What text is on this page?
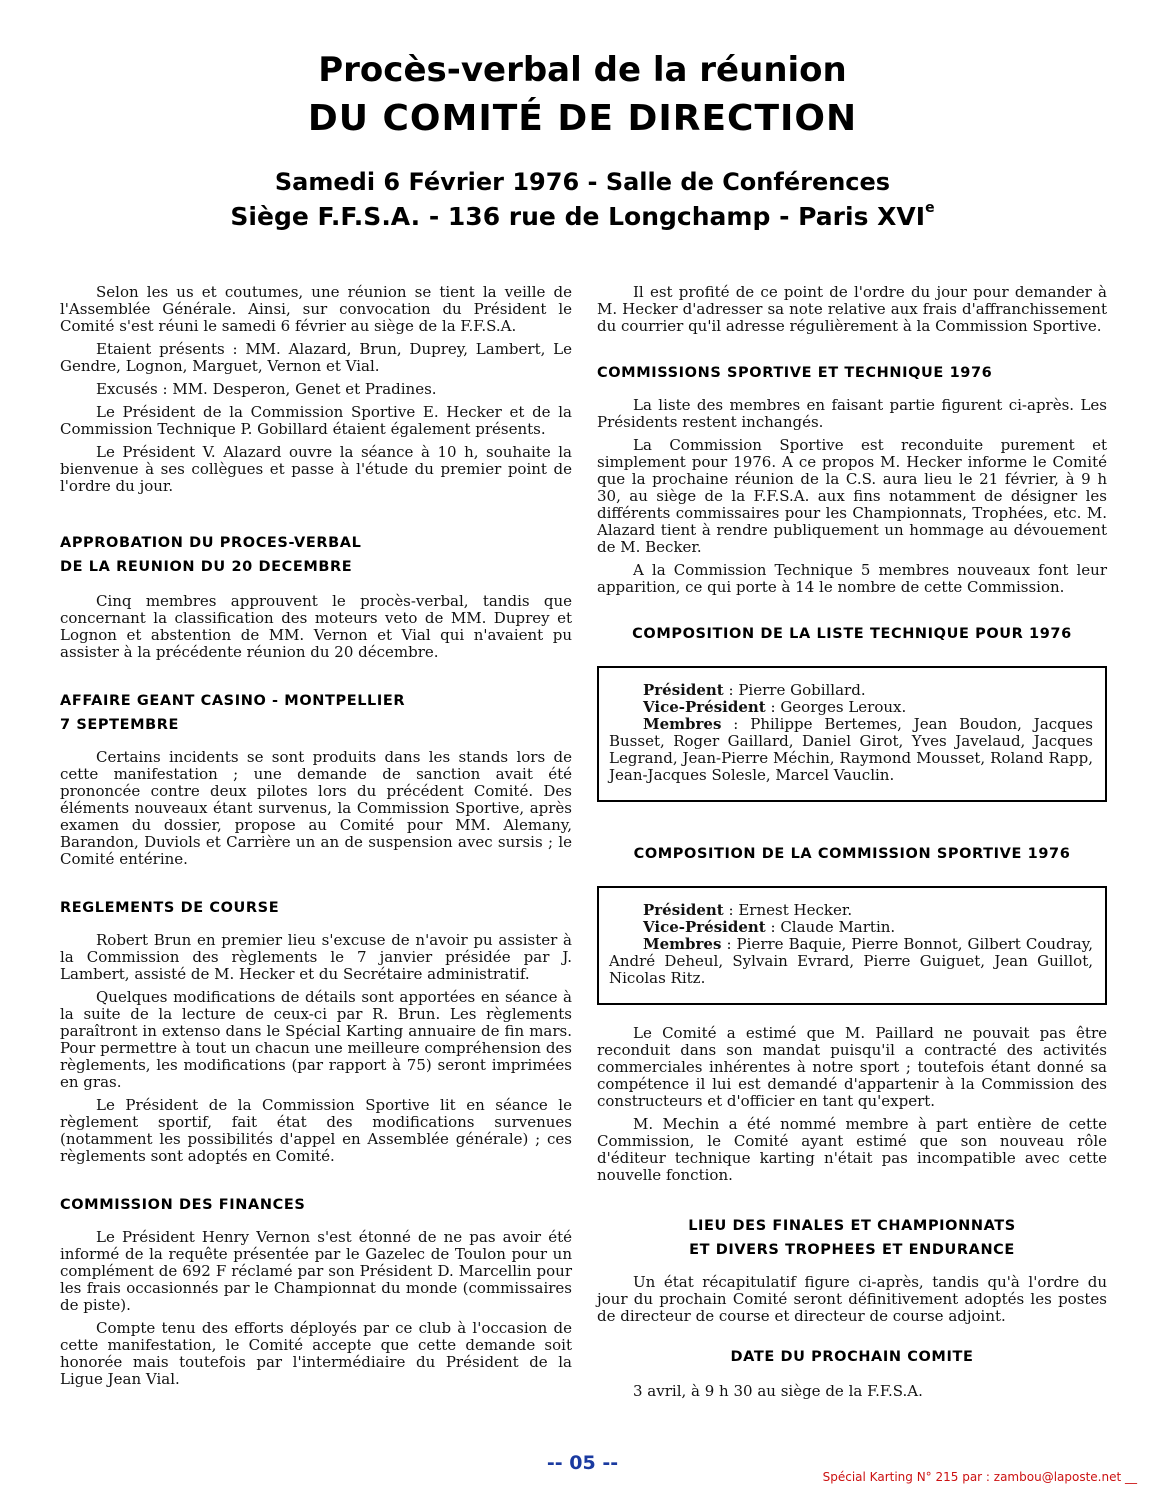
Procès-verbal de la réunion
DU COMITÉ DE DIRECTION
Samedi 6 Février 1976 - Salle de Conférences
Siège F.F.S.A. - 136 rue de Longchamp - Paris XVIe

Selon les us et coutumes, une réunion se tient la veille de l'Assemblée Générale. Ainsi, sur convocation du Président le Comité s'est réuni le samedi 6 février au siège de la F.F.S.A.

Etaient présents : MM. Alazard, Brun, Duprey, Lambert, Le Gendre, Lognon, Marguet, Vernon et Vial.

Excusés : MM. Desperon, Genet et Pradines.

Le Président de la Commission Sportive E. Hecker et de la Commission Technique P. Gobillard étaient également présents.

Le Président V. Alazard ouvre la séance à 10 h, souhaite la bienvenue à ses collègues et passe à l'étude du premier point de l'ordre du jour.

APPROBATION DU PROCES-VERBAL
DE LA REUNION DU 20 DECEMBRE

Cinq membres approuvent le procès-verbal, tandis que concernant la classification des moteurs veto de MM. Duprey et Lognon et abstention de MM. Vernon et Vial qui n'avaient pu assister à la précédente réunion du 20 décembre.

AFFAIRE GEANT CASINO - MONTPELLIER
7 SEPTEMBRE

Certains incidents se sont produits dans les stands lors de cette manifestation ; une demande de sanction avait été prononcée contre deux pilotes lors du précédent Comité. Des éléments nouveaux étant survenus, la Commission Sportive, après examen du dossier, propose au Comité pour MM. Alemany, Barandon, Duviols et Carrière un an de suspension avec sursis ; le Comité entérine.

REGLEMENTS DE COURSE

Robert Brun en premier lieu s'excuse de n'avoir pu assister à la Commission des règlements le 7 janvier présidée par J. Lambert, assisté de M. Hecker et du Secrétaire administratif.

Quelques modifications de détails sont apportées en séance à la suite de la lecture de ceux-ci par R. Brun. Les règlements paraîtront in extenso dans le Spécial Karting annuaire de fin mars. Pour permettre à tout un chacun une meilleure compréhension des règlements, les modifications (par rapport à 75) seront imprimées en gras.

Le Président de la Commission Sportive lit en séance le règlement sportif, fait état des modifications survenues (notamment les possibilités d'appel en Assemblée générale) ; ces règlements sont adoptés en Comité.

COMMISSION DES FINANCES

Le Président Henry Vernon s'est étonné de ne pas avoir été informé de la requête présentée par le Gazelec de Toulon pour un complément de 692 F réclamé par son Président D. Marcellin pour les frais occasionnés par le Championnat du monde (commissaires de piste).

Compte tenu des efforts déployés par ce club à l'occasion de cette manifestation, le Comité accepte que cette demande soit honorée mais toutefois par l'intermédiaire du Président de la Ligue Jean Vial.

Il est profité de ce point de l'ordre du jour pour demander à M. Hecker d'adresser sa note relative aux frais d'affranchissement du courrier qu'il adresse régulièrement à la Commission Sportive.

COMMISSIONS SPORTIVE ET TECHNIQUE 1976

La liste des membres en faisant partie figurent ci-après. Les Présidents restent inchangés.

La Commission Sportive est reconduite purement et simplement pour 1976. A ce propos M. Hecker informe le Comité que la prochaine réunion de la C.S. aura lieu le 21 février, à 9 h 30, au siège de la F.F.S.A. aux fins notamment de désigner les différents commissaires pour les Championnats, Trophées, etc. M. Alazard tient à rendre publiquement un hommage au dévouement de M. Becker.

A la Commission Technique 5 membres nouveaux font leur apparition, ce qui porte à 14 le nombre de cette Commission.

COMPOSITION DE LA LISTE TECHNIQUE POUR 1976
Président : Pierre Gobillard.
Vice-Président : Georges Leroux.
Membres : Philippe Bertemes, Jean Boudon, Jacques Busset, Roger Gaillard, Daniel Girot, Yves Javelaud, Jacques Legrand, Jean-Pierre Méchin, Raymond Mousset, Roland Rapp, Jean-Jacques Solesle, Marcel Vauclin.
COMPOSITION DE LA COMMISSION SPORTIVE 1976
Président : Ernest Hecker.
Vice-Président : Claude Martin.
Membres : Pierre Baquie, Pierre Bonnot, Gilbert Coudray, André Deheul, Sylvain Evrard, Pierre Guiguet, Jean Guillot, Nicolas Ritz.

Le Comité a estimé que M. Paillard ne pouvait pas être reconduit dans son mandat puisqu'il a contracté des activités commerciales inhérentes à notre sport ; toutefois étant donné sa compétence il lui est demandé d'appartenir à la Commission des constructeurs et d'officier en tant qu'expert.

M. Mechin a été nommé membre à part entière de cette Commission, le Comité ayant estimé que son nouveau rôle d'éditeur technique karting n'était pas incompatible avec cette nouvelle fonction.

LIEU DES FINALES ET CHAMPIONNATS
ET DIVERS TROPHEES ET ENDURANCE

Un état récapitulatif figure ci-après, tandis qu'à l'ordre du jour du prochain Comité seront définitivement adoptés les postes de directeur de course et directeur de course adjoint.

DATE DU PROCHAIN COMITE

3 avril, à 9 h 30 au siège de la F.F.S.A.

-- 05 --
Spécial Karting N° 215 par : zambou@laposte.net __
